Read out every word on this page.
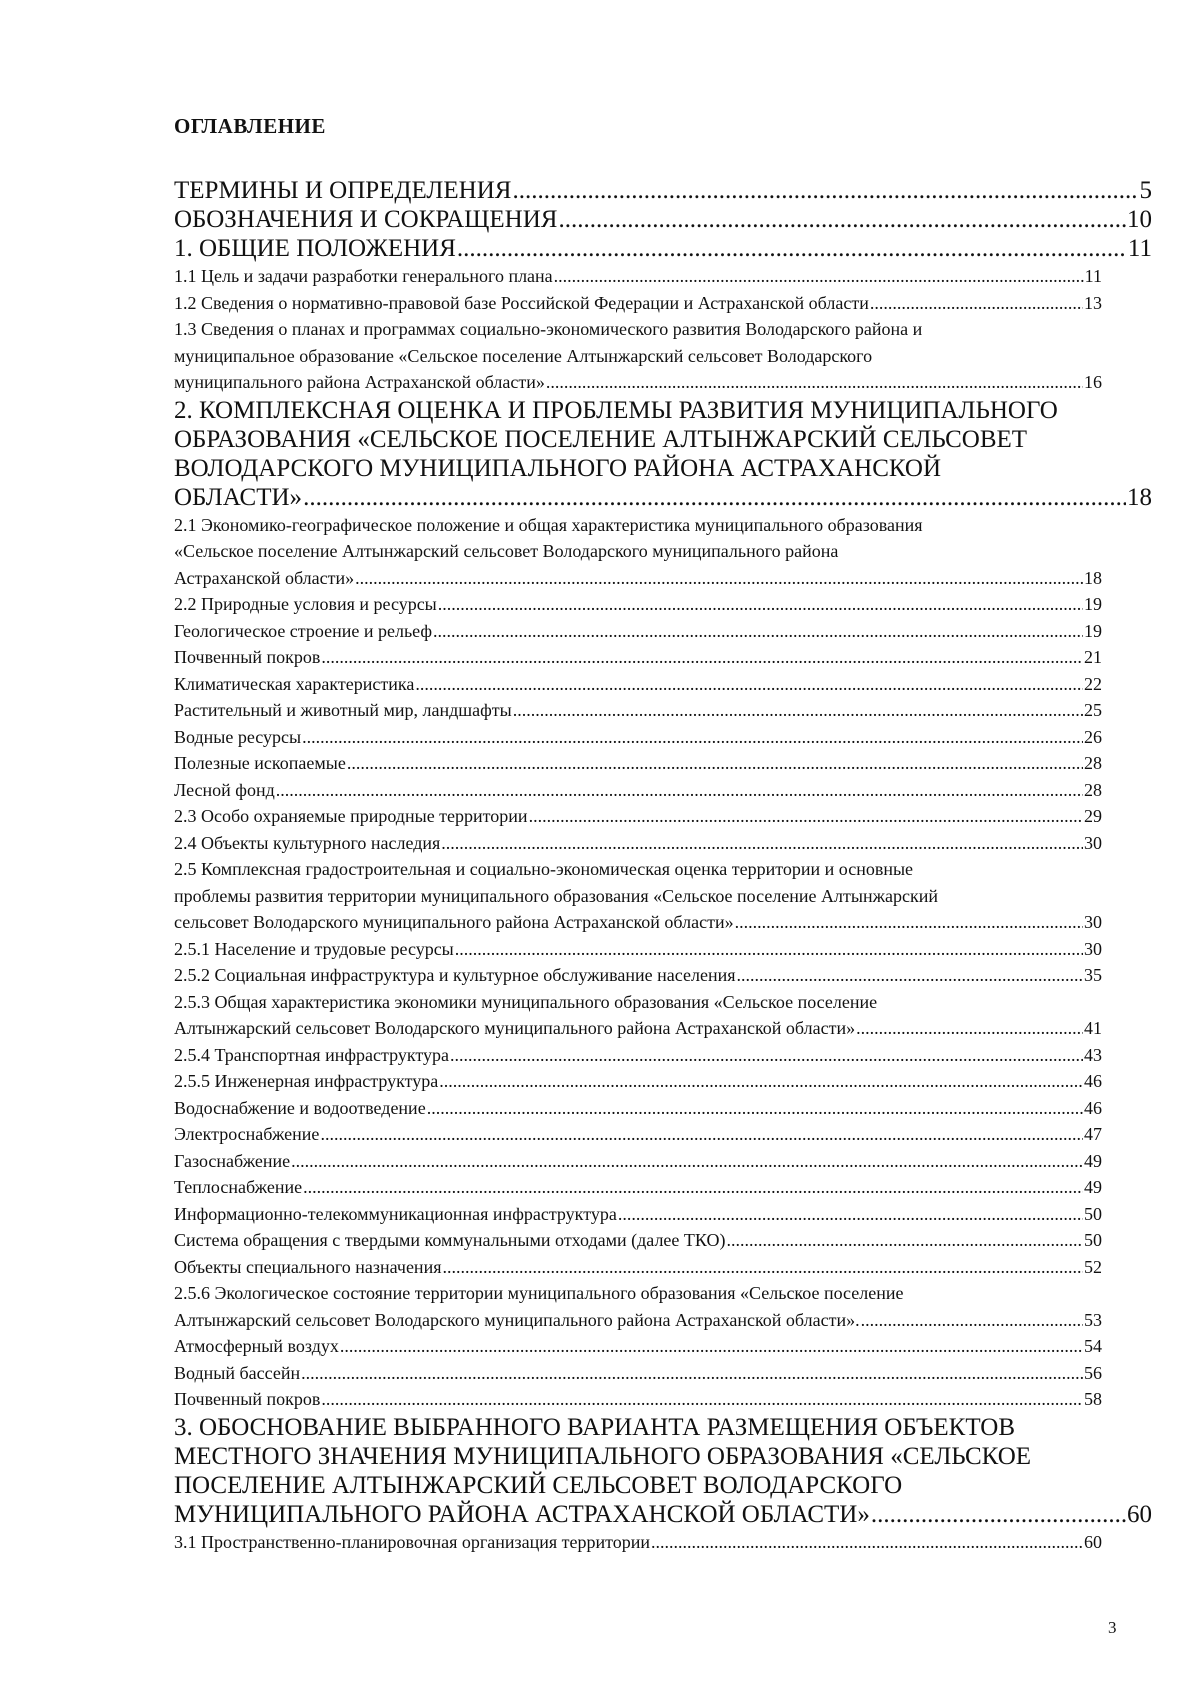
ОГЛАВЛЕНИЕ
ТЕРМИНЫ И ОПРЕДЕЛЕНИЯ .....	5
ОБОЗНАЧЕНИЯ И СОКРАЩЕНИЯ .....	10
1. ОБЩИЕ ПОЛОЖЕНИЯ .....	11
1.1 Цель и задачи разработки генерального плана .....	11
1.2 Сведения о нормативно-правовой базе Российской Федерации и Астраханской области .....	13
1.3 Сведения о планах и программах социально-экономического развития Володарского района и
муниципальное образование «Сельское поселение Алтынжарский сельсовет Володарского
муниципального района Астраханской области» .....	16
2. КОМПЛЕКСНАЯ ОЦЕНКА И ПРОБЛЕМЫ РАЗВИТИЯ МУНИЦИПАЛЬНОГО
ОБРАЗОВАНИЯ «СЕЛЬСКОЕ ПОСЕЛЕНИЕ АЛТЫНЖАРСКИЙ СЕЛЬСОВЕТ
ВОЛОДАРСКОГО МУНИЦИПАЛЬНОГО РАЙОНА АСТРАХАНСКОЙ
ОБЛАСТИ» .....	18
2.1 Экономико-географическое положение и общая характеристика муниципального образования
«Сельское поселение Алтынжарский сельсовет Володарского муниципального района
Астраханской области» .....	18
2.2 Природные условия и ресурсы .....	19
Геологическое строение и рельеф .....	19
Почвенный покров .....	21
Климатическая характеристика .....	22
Растительный и животный мир, ландшафты .....	25
Водные ресурсы .....	26
Полезные ископаемые .....	28
Лесной фонд .....	28
2.3 Особо охраняемые природные территории .....	29
2.4 Объекты культурного наследия .....	30
2.5 Комплексная градостроительная и социально-экономическая оценка территории и основные
проблемы развития территории муниципального образования «Сельское поселение Алтынжарский
сельсовет Володарского муниципального района Астраханской области» .....	30
2.5.1 Население и трудовые ресурсы .....	30
2.5.2 Социальная инфраструктура и культурное обслуживание населения .....	35
2.5.3 Общая характеристика экономики муниципального образования «Сельское поселение
Алтынжарский сельсовет Володарского муниципального района Астраханской области» .....	41
2.5.4 Транспортная инфраструктура .....	43
2.5.5 Инженерная инфраструктура .....	46
Водоснабжение и водоотведение .....	46
Электроснабжение .....	47
Газоснабжение .....	49
Теплоснабжение .....	49
Информационно-телекоммуникационная инфраструктура .....	50
Система обращения с твердыми коммунальными отходами (далее ТКО) .....	50
Объекты специального назначения .....	52
2.5.6 Экологическое состояние территории муниципального образования «Сельское поселение
Алтынжарский сельсовет Володарского муниципального района Астраханской области». .....	53
Атмосферный воздух .....	54
Водный бассейн .....	56
Почвенный покров .....	58
3. ОБОСНОВАНИЕ ВЫБРАННОГО ВАРИАНТА РАЗМЕЩЕНИЯ ОБЪЕКТОВ
МЕСТНОГО ЗНАЧЕНИЯ МУНИЦИПАЛЬНОГО ОБРАЗОВАНИЯ «СЕЛЬСКОЕ
ПОСЕЛЕНИЕ АЛТЫНЖАРСКИЙ СЕЛЬСОВЕТ ВОЛОДАРСКОГО
МУНИЦИПАЛЬНОГО РАЙОНА АСТРАХАНСКОЙ ОБЛАСТИ» .....	60
3.1 Пространственно-планировочная организация территории .....	60
3
